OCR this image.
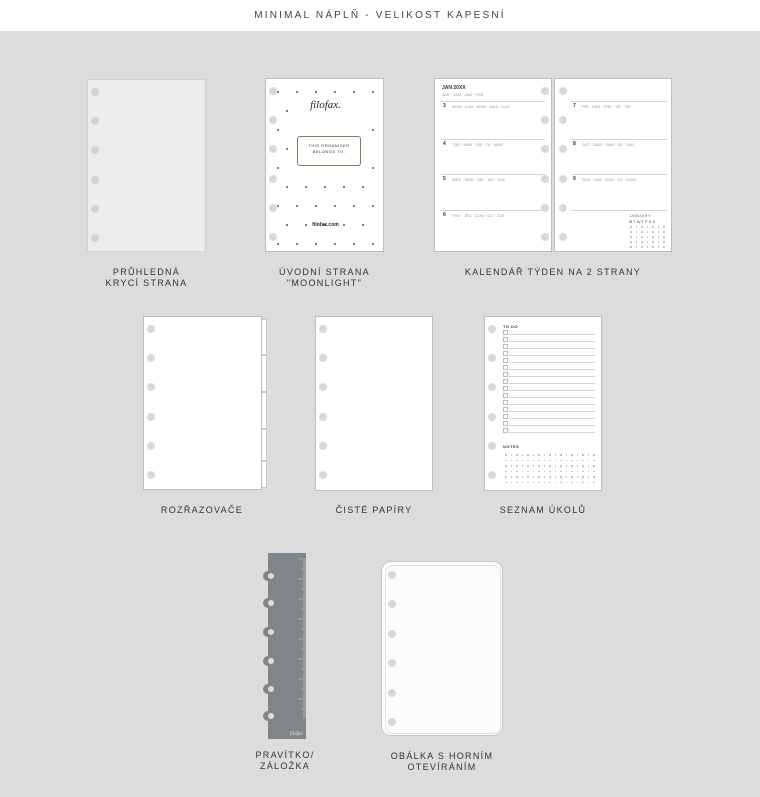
MINIMAL NÁPLŇ - VELIKOST KAPESNÍ
PRŮHLEDNÁ
KRYCÍ STRANA
filofax.
THIS ORGANISER
BELONGS TO:
filofax.com
ÚVODNÍ STRANA
"MOONLIGHT"
JAN 20XX
JAN · JAN · JAN · FEB
3 MON · LUN · MON · MAA · LUN
4 TUE · MAR · DIE · DI · MAR
5 WED · MER · MIT · WO · MIE
6 THU · JEU · DON · DO · JUE
7 FRI · VEN · FRE · VR · VIE
8 SAT · SAM · SAM · ZA · SAB
9 SUN · DIM · SON · ZO · DOM
JANUARY
M T W T F S S
KALENDÁŘ TÝDEN NA 2 STRANY
ROZŘAZOVAČE	ČISTÉ PAPÍRY
TO DO
NOTES
SEZNAM ÚKOLŮ
filofax
PRAVÍTKO/
ZÁLOŽKA
OBÁLKA S HORNÍM
OTEVÍRÁNÍM
